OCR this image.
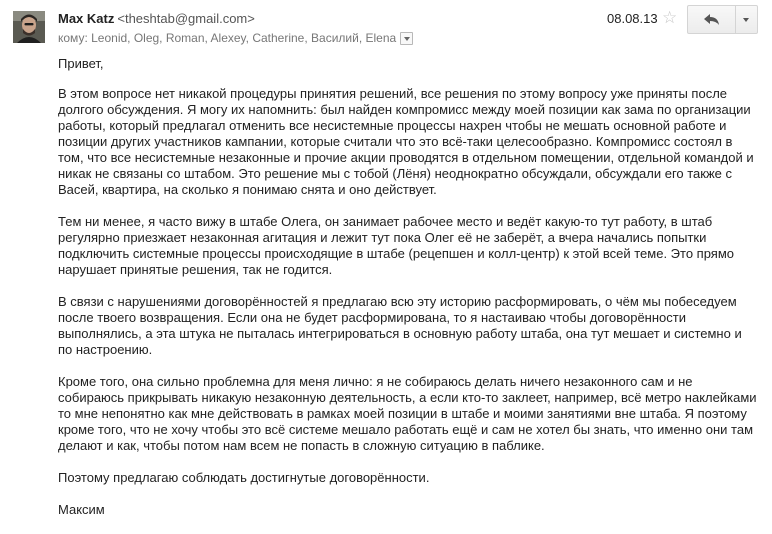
Max Katz <theshtab@gmail.com>
кому:
Leonid, Oleg, Roman, Alexey, Catherine, Василий, Elena
08.08.13 ☆

Привет,

В этом вопросе нет никакой процедуры принятия решений, все решения по этому вопросу уже приняты после долгого обсуждения. Я могу их напомнить: был найден компромисс между моей позиции как зама по организации работы, который предлагал отменить все несистемные процессы нахрен чтобы не мешать основной работе и позиции других участников кампании, которые считали что это всё-таки целесообразно. Компромисс состоял в том, что все несистемные незаконные и прочие акции проводятся в отдельном помещении, отдельной командой и никак не связаны со штабом. Это решение мы с тобой (Лёня) неоднократно обсуждали, обсуждали его также с Васей, квартира, на сколько я понимаю снята и оно действует.

Тем ни менее, я часто вижу в штабе Олега, он занимает рабочее место и ведёт какую-то тут работу, в штаб регулярно приезжает незаконная агитация и лежит тут пока Олег её не заберёт, а вчера начались попытки подключить системные процессы происходящие в штабе (рецепшен и колл-центр) к этой всей теме. Это прямо нарушает принятые решения, так не годится.

В связи с нарушениями договорённостей я предлагаю всю эту историю расформировать, о чём мы побеседуем после твоего возвращения. Если она не будет расформирована, то я настаиваю чтобы договорённости выполнялись, а эта штука не пыталась интегрироваться в основную работу штаба, она тут мешает и системно и по настроению.

Кроме того, она сильно проблемна для меня лично: я не собираюсь делать ничего незаконного сам и не собираюсь прикрывать никакую незаконную деятельность, а если кто-то заклеет, например, всё метро наклейками то мне непонятно как мне действовать в рамках моей позиции в штабе и моими занятиями вне штаба. Я поэтому кроме того, что не хочу чтобы это всё системе мешало работать ещё и сам не хотел бы знать, что именно они там делают и как, чтобы потом нам всем не попасть в сложную ситуацию в паблике.

Поэтому предлагаю соблюдать достигнутые договорённости.

Максим
